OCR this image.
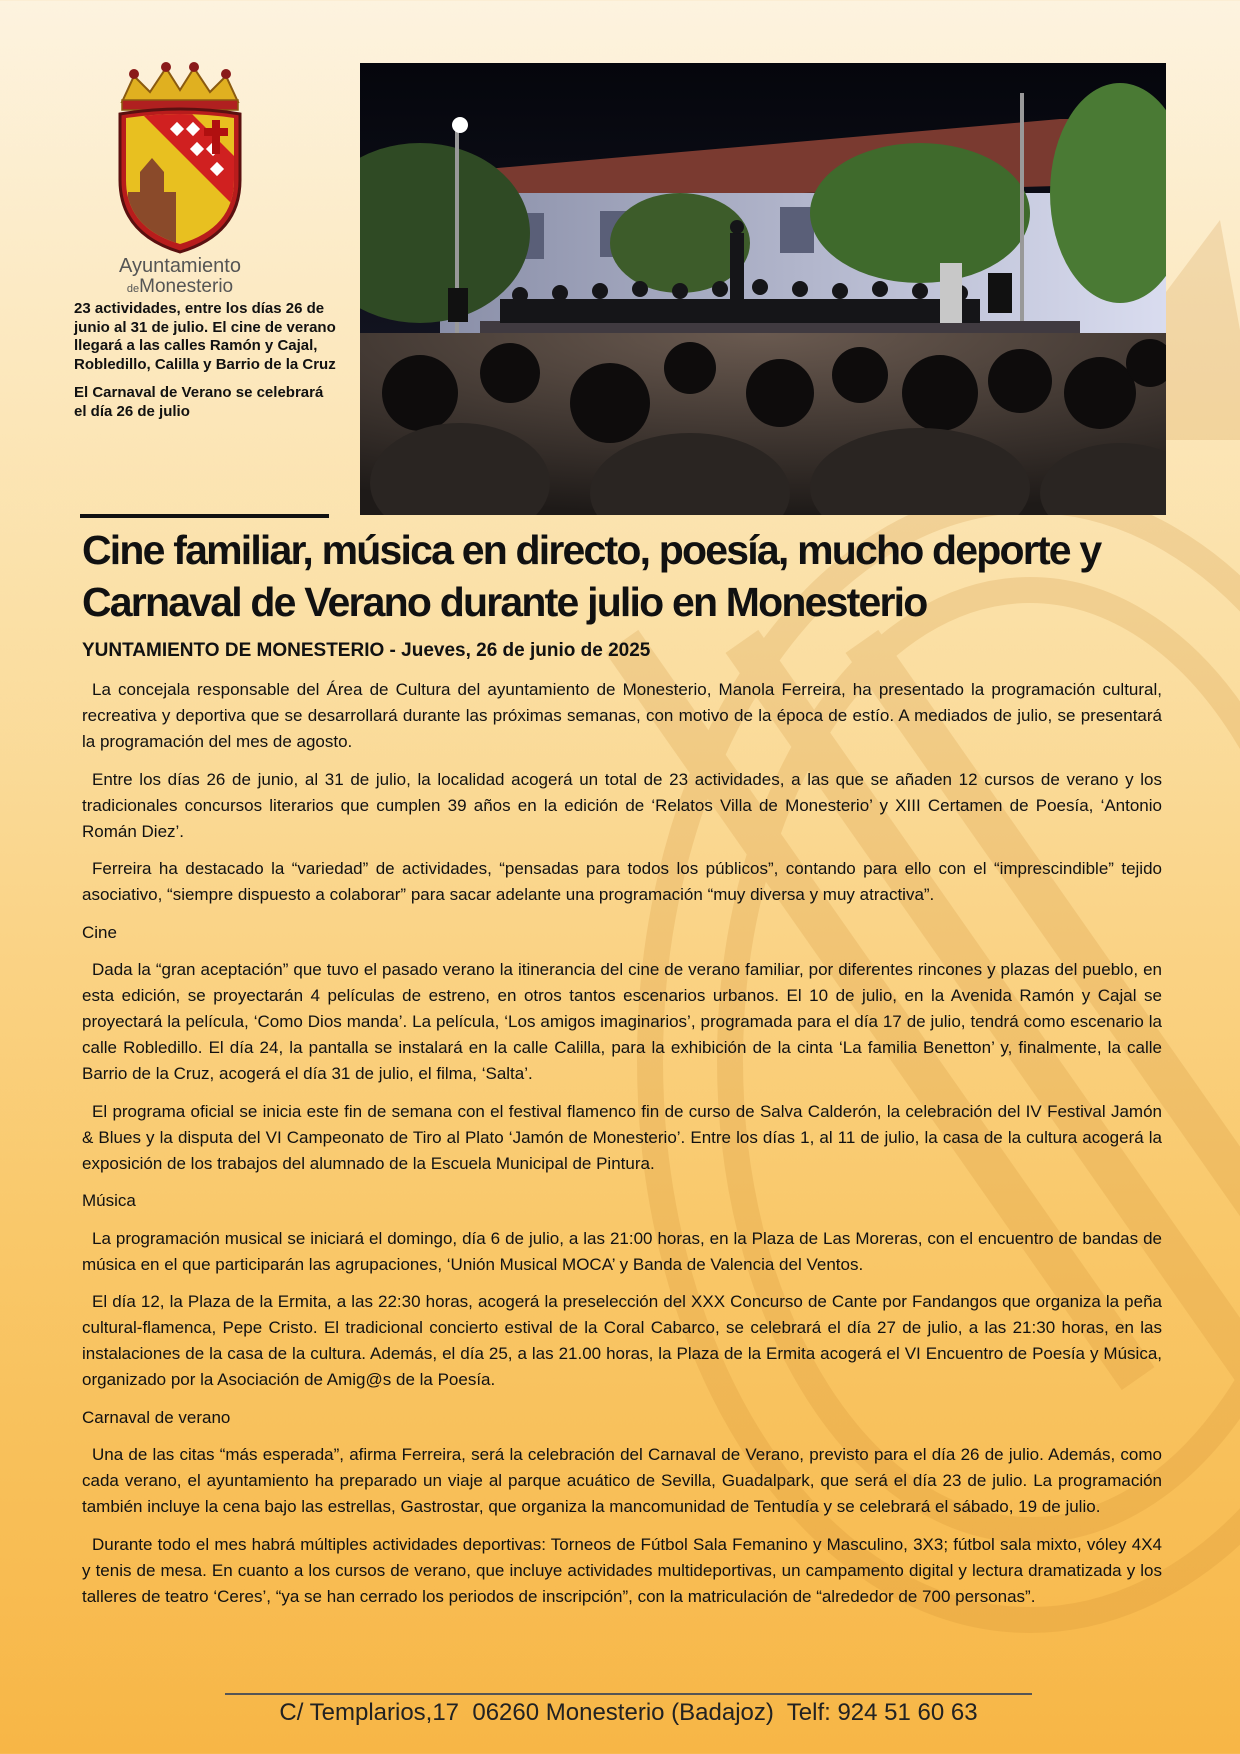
Ayuntamiento
deMonesterio

23 actividades, entre los días 26 de junio al 31 de julio. El cine de verano llegará a las calles Ramón y Cajal, Robledillo, Calilla y Barrio de la Cruz

El Carnaval de Verano se celebrará el día 26 de julio

Cine familiar, música en directo, poesía, mucho deporte y Carnaval de Verano durante julio en Monesterio

YUNTAMIENTO DE MONESTERIO - Jueves, 26 de junio de 2025

La concejala responsable del Área de Cultura del ayuntamiento de Monesterio, Manola Ferreira, ha presentado la programación cultural, recreativa y deportiva que se desarrollará durante las próximas semanas, con motivo de la época de estío. A mediados de julio, se presentará la programación del mes de agosto.

Entre los días 26 de junio, al 31 de julio, la localidad acogerá un total de 23 actividades, a las que se añaden 12 cursos de verano y los tradicionales concursos literarios que cumplen 39 años en la edición de ‘Relatos Villa de Monesterio’ y XIII Certamen de Poesía, ‘Antonio Román Diez’.

Ferreira ha destacado la “variedad” de actividades, “pensadas para todos los públicos”, contando para ello con el “imprescindible” tejido asociativo, “siempre dispuesto a colaborar” para sacar adelante una programación “muy diversa y muy atractiva”.

Cine

Dada la “gran aceptación” que tuvo el pasado verano la itinerancia del cine de verano familiar, por diferentes rincones y plazas del pueblo, en esta edición, se proyectarán 4 películas de estreno, en otros tantos escenarios urbanos. El 10 de julio, en la Avenida Ramón y Cajal se proyectará la película, ‘Como Dios manda’. La película, ‘Los amigos imaginarios’, programada para el día 17 de julio, tendrá como escenario la calle Robledillo. El día 24, la pantalla se instalará en la calle Calilla, para la exhibición de la cinta ‘La familia Benetton’ y, finalmente, la calle Barrio de la Cruz, acogerá el día 31 de julio, el filma, ‘Salta’.

El programa oficial se inicia este fin de semana con el festival flamenco fin de curso de Salva Calderón, la celebración del IV Festival Jamón & Blues y la disputa del VI Campeonato de Tiro al Plato ‘Jamón de Monesterio’. Entre los días 1, al 11 de julio, la casa de la cultura acogerá la exposición de los trabajos del alumnado de la Escuela Municipal de Pintura.

Música

La programación musical se iniciará el domingo, día 6 de julio, a las 21:00 horas, en la Plaza de Las Moreras, con el encuentro de bandas de música en el que participarán las agrupaciones, ‘Unión Musical MOCA’ y Banda de Valencia del Ventos.

El día 12, la Plaza de la Ermita, a las 22:30 horas, acogerá la preselección del XXX Concurso de Cante por Fandangos que organiza la peña cultural-flamenca, Pepe Cristo. El tradicional concierto estival de la Coral Cabarco, se celebrará el día 27 de julio, a las 21:30 horas, en las instalaciones de la casa de la cultura. Además, el día 25, a las 21.00 horas, la Plaza de la Ermita acogerá el VI Encuentro de Poesía y Música, organizado por la Asociación de Amig@s de la Poesía.

Carnaval de verano

Una de las citas “más esperada”, afirma Ferreira, será la celebración del Carnaval de Verano, previsto para el día 26 de julio. Además, como cada verano, el ayuntamiento ha preparado un viaje al parque acuático de Sevilla, Guadalpark, que será el día 23 de julio. La programación también incluye la cena bajo las estrellas, Gastrostar, que organiza la mancomunidad de Tentudía y se celebrará el sábado, 19 de julio.

Durante todo el mes habrá múltiples actividades deportivas: Torneos de Fútbol Sala Femanino y Masculino, 3X3; fútbol sala mixto, vóley 4X4 y tenis de mesa. En cuanto a los cursos de verano, que incluye actividades multideportivas, un campamento digital y lectura dramatizada y los talleres de teatro ‘Ceres’, “ya se han cerrado los periodos de inscripción”, con la matriculación de “alrededor de 700 personas”.

C/ Templarios,17  06260 Monesterio (Badajoz)  Telf: 924 51 60 63
